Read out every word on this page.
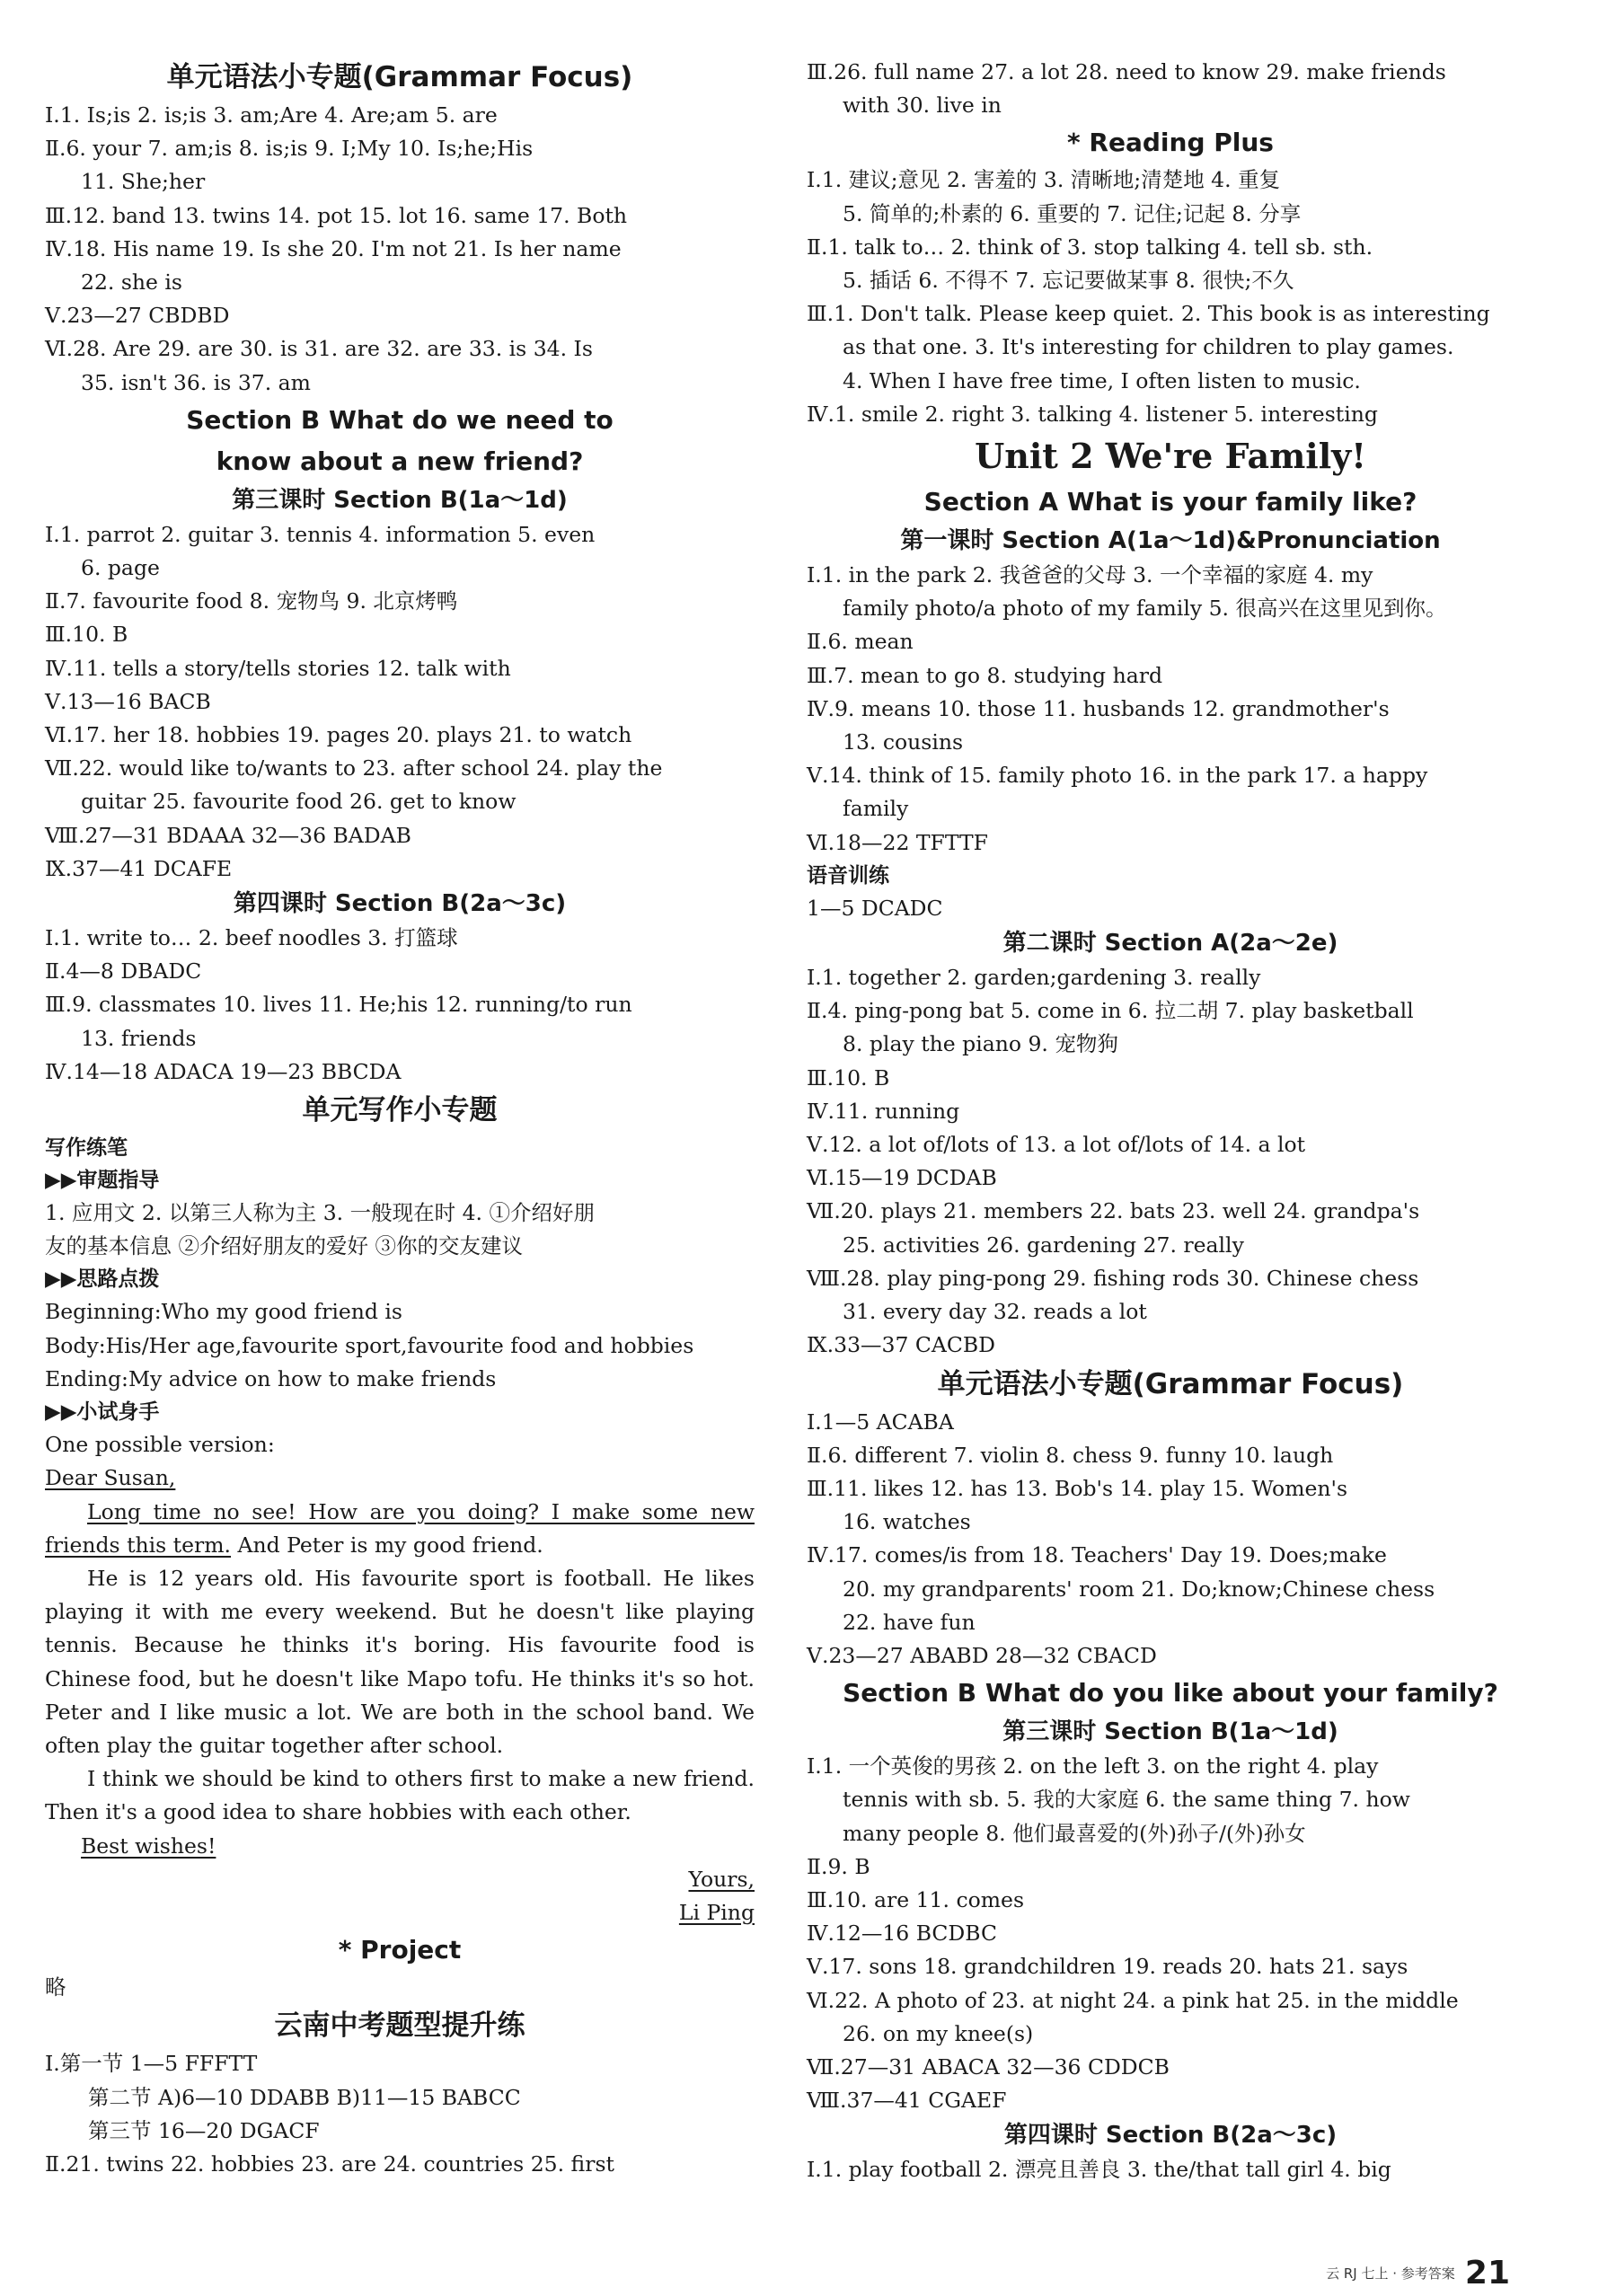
单元语法小专题(Grammar Focus)
Ⅰ.1. Is;is 2. is;is 3. am;Are 4. Are;am 5. are
Ⅱ.6. your 7. am;is 8. is;is 9. I;My 10. Is;he;His
11. She;her
Ⅲ.12. band 13. twins 14. pot 15. lot 16. same 17. Both
Ⅳ.18. His name 19. Is she 20. I'm not 21. Is her name
22. she is
Ⅴ.23—27 CBDBD
Ⅵ.28. Are 29. are 30. is 31. are 32. are 33. is 34. Is
35. isn't 36. is 37. am
Section B What do we need to
know about a new friend?
第三课时 Section B(1a～1d)
Ⅰ.1. parrot 2. guitar 3. tennis 4. information 5. even
6. page
Ⅱ.7. favourite food 8. 宠物鸟 9. 北京烤鸭
Ⅲ.10. B
Ⅳ.11. tells a story/tells stories 12. talk with
Ⅴ.13—16 BACB
Ⅵ.17. her 18. hobbies 19. pages 20. plays 21. to watch
Ⅶ.22. would like to/wants to 23. after school 24. play the
guitar 25. favourite food 26. get to know
Ⅷ.27—31 BDAAA 32—36 BADAB
Ⅸ.37—41 DCAFE
第四课时 Section B(2a～3c)
Ⅰ.1. write to… 2. beef noodles 3. 打篮球
Ⅱ.4—8 DBADC
Ⅲ.9. classmates 10. lives 11. He;his 12. running/to run
13. friends
Ⅳ.14—18 ADACA 19—23 BBCDA
单元写作小专题
写作练笔
▶▶审题指导
1. 应用文 2. 以第三人称为主 3. 一般现在时 4. ①介绍好朋
友的基本信息 ②介绍好朋友的爱好 ③你的交友建议
▶▶思路点拨
Beginning:Who my good friend is
Body:His/Her age,favourite sport,favourite food and hobbies
Ending:My advice on how to make friends
▶▶小试身手
One possible version:
Dear Susan,

Long time no see! How are you doing? I make some new friends this term. And Peter is my good friend.

He is 12 years old. His favourite sport is football. He likes playing it with me every weekend. But he doesn't like playing tennis. Because he thinks it's boring. His favourite food is Chinese food, but he doesn't like Mapo tofu. He thinks it's so hot. Peter and I like music a lot. We are both in the school band. We often play the guitar together after school.

I think we should be kind to others first to make a new friend. Then it's a good idea to share hobbies with each other.

Best wishes!
Yours,
Li Ping
* Project
略
云南中考题型提升练
Ⅰ.第一节 1—5 FFFTT
第二节 A)6—10 DDABB B)11—15 BABCC
第三节 16—20 DGACF
Ⅱ.21. twins 22. hobbies 23. are 24. countries 25. first
Ⅲ.26. full name 27. a lot 28. need to know 29. make friends
with 30. live in
* Reading Plus
Ⅰ.1. 建议;意见 2. 害羞的 3. 清晰地;清楚地 4. 重复
5. 简单的;朴素的 6. 重要的 7. 记住;记起 8. 分享
Ⅱ.1. talk to… 2. think of 3. stop talking 4. tell sb. sth.
5. 插话 6. 不得不 7. 忘记要做某事 8. 很快;不久
Ⅲ.1. Don't talk. Please keep quiet. 2. This book is as interesting
as that one. 3. It's interesting for children to play games.
4. When I have free time, I often listen to music.
Ⅳ.1. smile 2. right 3. talking 4. listener 5. interesting
Unit 2 We're Family!
Section A What is your family like?
第一课时 Section A(1a～1d)&Pronunciation
Ⅰ.1. in the park 2. 我爸爸的父母 3. 一个幸福的家庭 4. my
family photo/a photo of my family 5. 很高兴在这里见到你。
Ⅱ.6. mean
Ⅲ.7. mean to go 8. studying hard
Ⅳ.9. means 10. those 11. husbands 12. grandmother's
13. cousins
Ⅴ.14. think of 15. family photo 16. in the park 17. a happy
family
Ⅵ.18—22 TFTTF
语音训练
1—5 DCADC
第二课时 Section A(2a～2e)
Ⅰ.1. together 2. garden;gardening 3. really
Ⅱ.4. ping-pong bat 5. come in 6. 拉二胡 7. play basketball
8. play the piano 9. 宠物狗
Ⅲ.10. B
Ⅳ.11. running
Ⅴ.12. a lot of/lots of 13. a lot of/lots of 14. a lot
Ⅵ.15—19 DCDAB
Ⅶ.20. plays 21. members 22. bats 23. well 24. grandpa's
25. activities 26. gardening 27. really
Ⅷ.28. play ping-pong 29. fishing rods 30. Chinese chess
31. every day 32. reads a lot
Ⅸ.33—37 CACBD
单元语法小专题(Grammar Focus)
Ⅰ.1—5 ACABA
Ⅱ.6. different 7. violin 8. chess 9. funny 10. laugh
Ⅲ.11. likes 12. has 13. Bob's 14. play 15. Women's
16. watches
Ⅳ.17. comes/is from 18. Teachers' Day 19. Does;make
20. my grandparents' room 21. Do;know;Chinese chess
22. have fun
Ⅴ.23—27 ABABD 28—32 CBACD
Section B What do you like about your family?
第三课时 Section B(1a～1d)
Ⅰ.1. 一个英俊的男孩 2. on the left 3. on the right 4. play
tennis with sb. 5. 我的大家庭 6. the same thing 7. how
many people 8. 他们最喜爱的(外)孙子/(外)孙女
Ⅱ.9. B
Ⅲ.10. are 11. comes
Ⅳ.12—16 BCDBC
Ⅴ.17. sons 18. grandchildren 19. reads 20. hats 21. says
Ⅵ.22. A photo of 23. at night 24. a pink hat 25. in the middle
26. on my knee(s)
Ⅶ.27—31 ABACA 32—36 CDDCB
Ⅷ.37—41 CGAEF
第四课时 Section B(2a～3c)
Ⅰ.1. play football 2. 漂亮且善良 3. the/that tall girl 4. big
云 RJ 七上 · 参考答案 21
